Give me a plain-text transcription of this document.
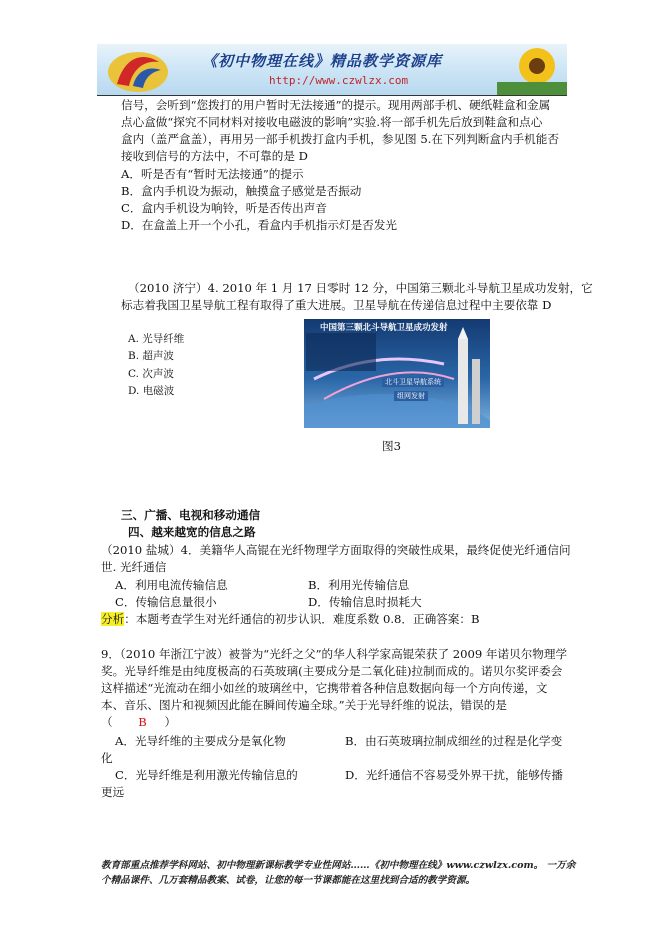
《初中物理在线》精品教学资源库
http://www.czwlzx.com
信号，会听到“您拨打的用户暂时无法接通”的提示。现用两部手机、硬纸鞋盒和金属
点心盒做“探究不同材料对接收电磁波的影响”实验.将一部手机先后放到鞋盒和点心
盒内（盖严盒盖），再用另一部手机拨打盒内手机，参见图 5.在下列判断盒内手机能否
接收到信号的方法中，不可靠的是 D
A．听是否有“暂时无法接通”的提示
B．盒内手机设为振动，触摸盒子感觉是否振动
C．盒内手机设为响铃，听是否传出声音
D．在盒盖上开一个小孔，看盒内手机指示灯是否发光
（2010 济宁）4. 2010 年 1 月 17 日零时 12 分，中国第三颗北斗导航卫星成功发射，它
标志着我国卫星导航工程有取得了重大进展。卫星导航在传递信息过程中主要依靠 D
A. 光导纤维
B. 超声波
C. 次声波
D. 电磁波
中国第三颗北斗导航卫星成功发射
北斗卫星导航系统
组网发射
图3
三、广播、电视和移动通信
四、越来越宽的信息之路
（2010 盐城）4．美籍华人高锟在光纤物理学方面取得的突破性成果，最终促使光纤通信问
世. 光纤通信
A．利用电流传输信息	B．利用光传输信息
C．传输信息量很小	D．传输信息时损耗大
分析：本题考查学生对光纤通信的初步认识．难度系数 0.8．正确答案：B
9．（2010 年浙江宁波）被誉为“光纤之父”的华人科学家高锟荣获了 2009 年诺贝尔物理学
奖。光导纤维是由纯度极高的石英玻璃(主要成分是二氧化硅)拉制而成的。诺贝尔奖评委会
这样描述“光流动在细小如丝的玻璃丝中，它携带着各种信息数据向每一个方向传递，文
本、音乐、图片和视频因此能在瞬间传遍全球。”关于光导纤维的说法，错误的是
（ B ）
A．光导纤维的主要成分是氧化物	B．由石英玻璃拉制成细丝的过程是化学变
化
C．光导纤维是利用激光传输信息的	D．光纤通信不容易受外界干扰，能够传播
更远
教育部重点推荐学科网站、初中物理新课标教学专业性网站……《初中物理在线》www.czwlzx.com。 一万余
个精品课件、几万套精品教案、试卷，让您的每一节课都能在这里找到合适的教学资源。
